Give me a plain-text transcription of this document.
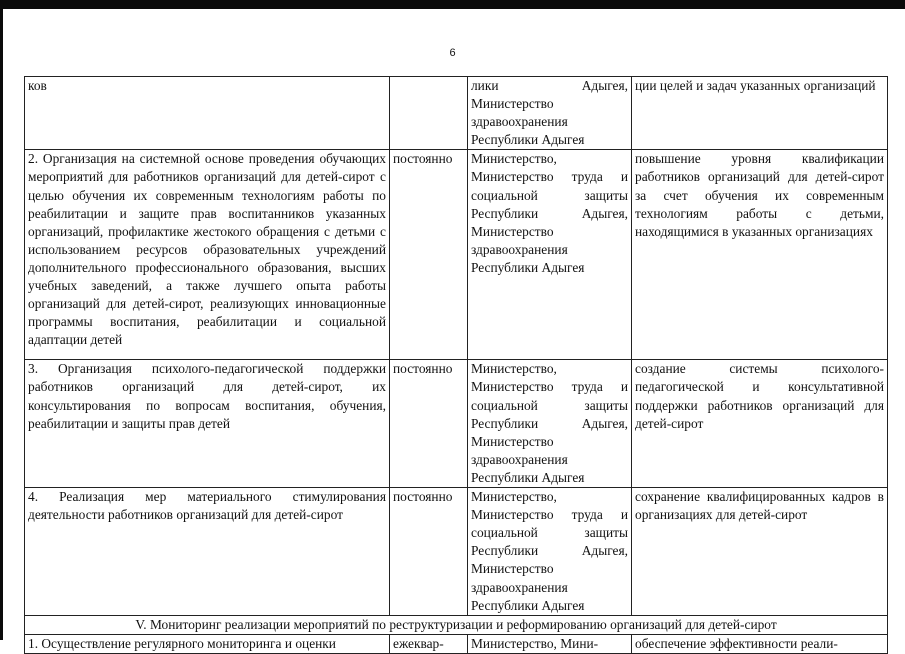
6
ков		лики Адыгея, Министерство здравоохранения Республики Адыгея	ции целей и задач указанных организаций
2. Организация на системной основе проведения обучающих мероприятий для работников организаций для детей-сирот с целью обучения их современным технологиям работы по реабилитации и защите прав воспитанников указанных организаций, профилактике жестокого обращения с детьми с использованием ресурсов образовательных учреждений дополнительного профессионального образования, высших учебных заведений, а также лучшего опыта работы организаций для детей-сирот, реализующих инновационные программы воспитания, реабилитации и социальной адаптации детей	постоянно	Министерство, Министерство труда и социальной защиты Республики Адыгея, Министерство здравоохранения Республики Адыгея	повышение уровня квалификации работников организаций для детей-сирот за счет обучения их современным технологиям работы с детьми, находящимися в указанных организациях
3. Организация психолого-педагогической поддержки работников организаций для детей-сирот, их консультирования по вопросам воспитания, обучения, реабилитации и защиты прав детей	постоянно	Министерство, Министерство труда и социальной защиты Республики Адыгея, Министерство здравоохранения Республики Адыгея	создание системы психолого-педагогической и консультативной поддержки работников организаций для детей-сирот
4. Реализация мер материального стимулирования деятельности работников организаций для детей-сирот	постоянно	Министерство, Министерство труда и социальной защиты Республики Адыгея, Министерство здравоохранения Республики Адыгея	сохранение квалифицированных кадров в организациях для детей-сирот
V. Мониторинг реализации мероприятий по реструктуризации и реформированию организаций для детей-сирот			
1. Осуществление регулярного мониторинга и оценки	ежеквар-	Министерство, Мини-	обеспечение эффективности реали-
